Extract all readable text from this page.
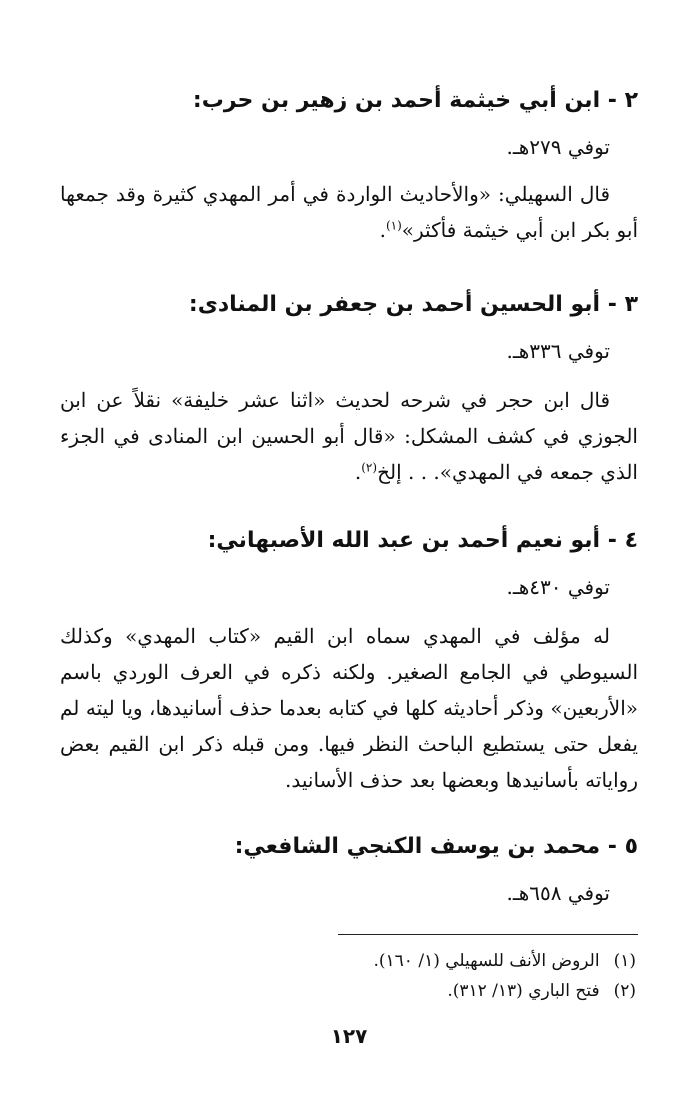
٢ - ابن أبي خيثمة أحمد بن زهير بن حرب:
توفي ٢٧٩هـ.

قال السهيلي: «والأحاديث الواردة في أمر المهدي كثيرة وقد جمعها أبو بكر ابن أبي خيثمة فأكثر»$^{(١)}$.

٣ - أبو الحسين أحمد بن جعفر بن المنادى:
توفي ٣٣٦هـ.

قال ابن حجر في شرحه لحديث «اثنا عشر خليفة» نقلاً عن ابن الجوزي في كشف المشكل: «قال أبو الحسين ابن المنادى في الجزء الذي جمعه في المهدي». . . إلخ$^{(٢)}$.

٤ - أبو نعيم أحمد بن عبد الله الأصبهاني:
توفي ٤٣٠هـ.

له مؤلف في المهدي سماه ابن القيم «كتاب المهدي» وكذلك السيوطي في الجامع الصغير. ولكنه ذكره في العرف الوردي باسم «الأربعين» وذكر أحاديثه كلها في كتابه بعدما حذف أسانيدها، ويا ليته لم يفعل حتى يستطيع الباحث النظر فيها. ومن قبله ذكر ابن القيم بعض رواياته بأسانيدها وبعضها بعد حذف الأسانيد.

٥ - محمد بن يوسف الكنجي الشافعي:
توفي ٦٥٨هـ.
(١)الروض الأنف للسهيلي (١/ ١٦٠).
(٢)فتح الباري (١٣/ ٣١٢).
١٢٧
